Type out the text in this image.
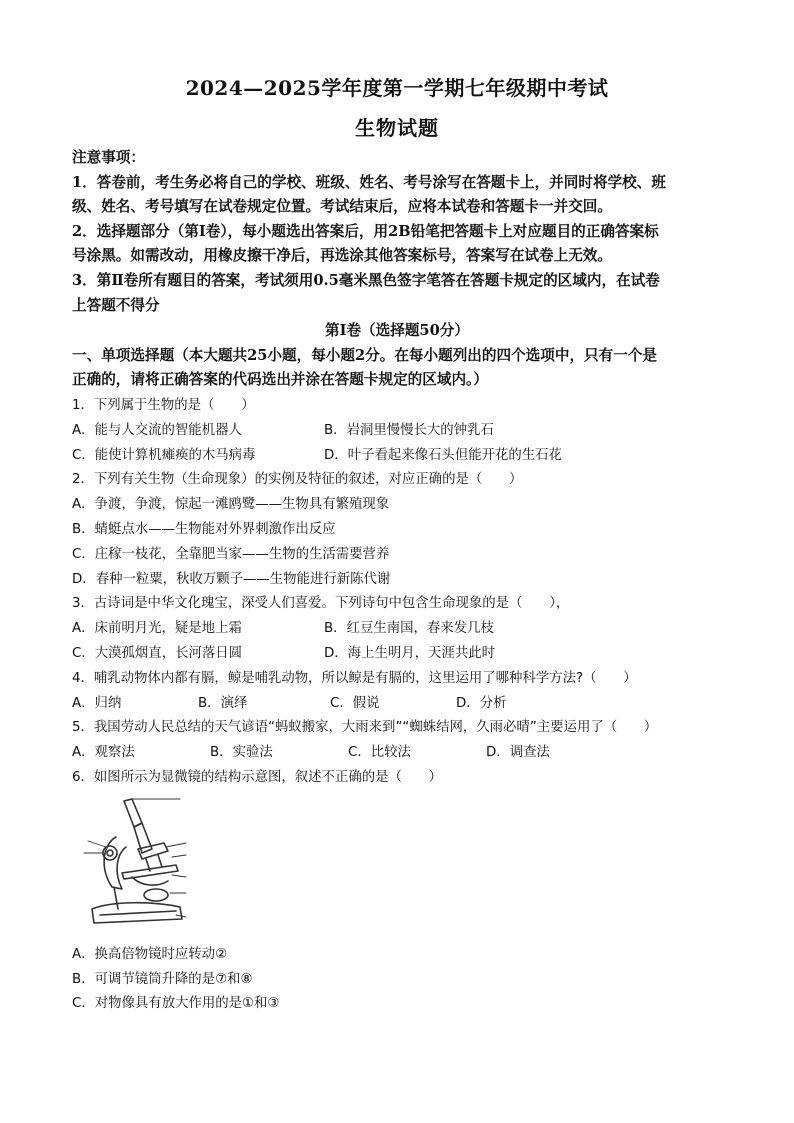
2024—2025学年度第一学期七年级期中考试
生物试题

注意事项：

1．答卷前，考生务必将自己的学校、班级、姓名、考号涂写在答题卡上，并同时将学校、班

级、姓名、考号填写在试卷规定位置。考试结束后，应将本试卷和答题卡一并交回。

2．选择题部分（第Ⅰ卷），每小题选出答案后，用2B铅笔把答题卡上对应题目的正确答案标

号涂黑。如需改动，用橡皮擦干净后，再选涂其他答案标号，答案写在试卷上无效。

3．第Ⅱ卷所有题目的答案，考试须用0.5毫米黑色签字笔答在答题卡规定的区域内，在试卷

上答题不得分

第Ⅰ卷（选择题50分）
一、单项选择题（本大题共25小题，每小题2分。在每小题列出的四个选项中，只有一个是
正确的，请将正确答案的代码选出并涂在答题卡规定的区域内。）
1．下列属于生物的是（　　）
A．能与人交流的智能机器人	B．岩洞里慢慢长大的钟乳石
C．能使计算机瘫痪的木马病毒	D．叶子看起来像石头但能开花的生石花
2．下列有关生物（生命现象）的实例及特征的叙述，对应正确的是（　　）
A．争渡，争渡，惊起一滩鸥鹭——生物具有繁殖现象
B．蜻蜓点水——生物能对外界刺激作出反应
C．庄稼一枝花，全靠肥当家——生物的生活需要营养
D．春种一粒粟，秋收万颗子——生物能进行新陈代谢
3．古诗词是中华文化瑰宝，深受人们喜爱。下列诗句中包含生命现象的是（　　），
A．床前明月光，疑是地上霜	B．红豆生南国，春来发几枝
C．大漠孤烟直，长河落日圆	D．海上生明月，天涯共此时
4．哺乳动物体内都有膈，鲸是哺乳动物，所以鲸是有膈的，这里运用了哪种科学方法?（　　）
A．归纳	B．演绎	C．假说	D．分析
5．我国劳动人民总结的天气谚语“蚂蚁搬家，大雨来到”“蜘蛛结网，久雨必晴”主要运用了（　　）
A．观察法	B．实验法	C．比较法	D．调查法
6．如图所示为显微镜的结构示意图，叙述不正确的是（　　）
A．换高倍物镜时应转动②
B．可调节镜筒升降的是⑦和⑧
C．对物像具有放大作用的是①和③
